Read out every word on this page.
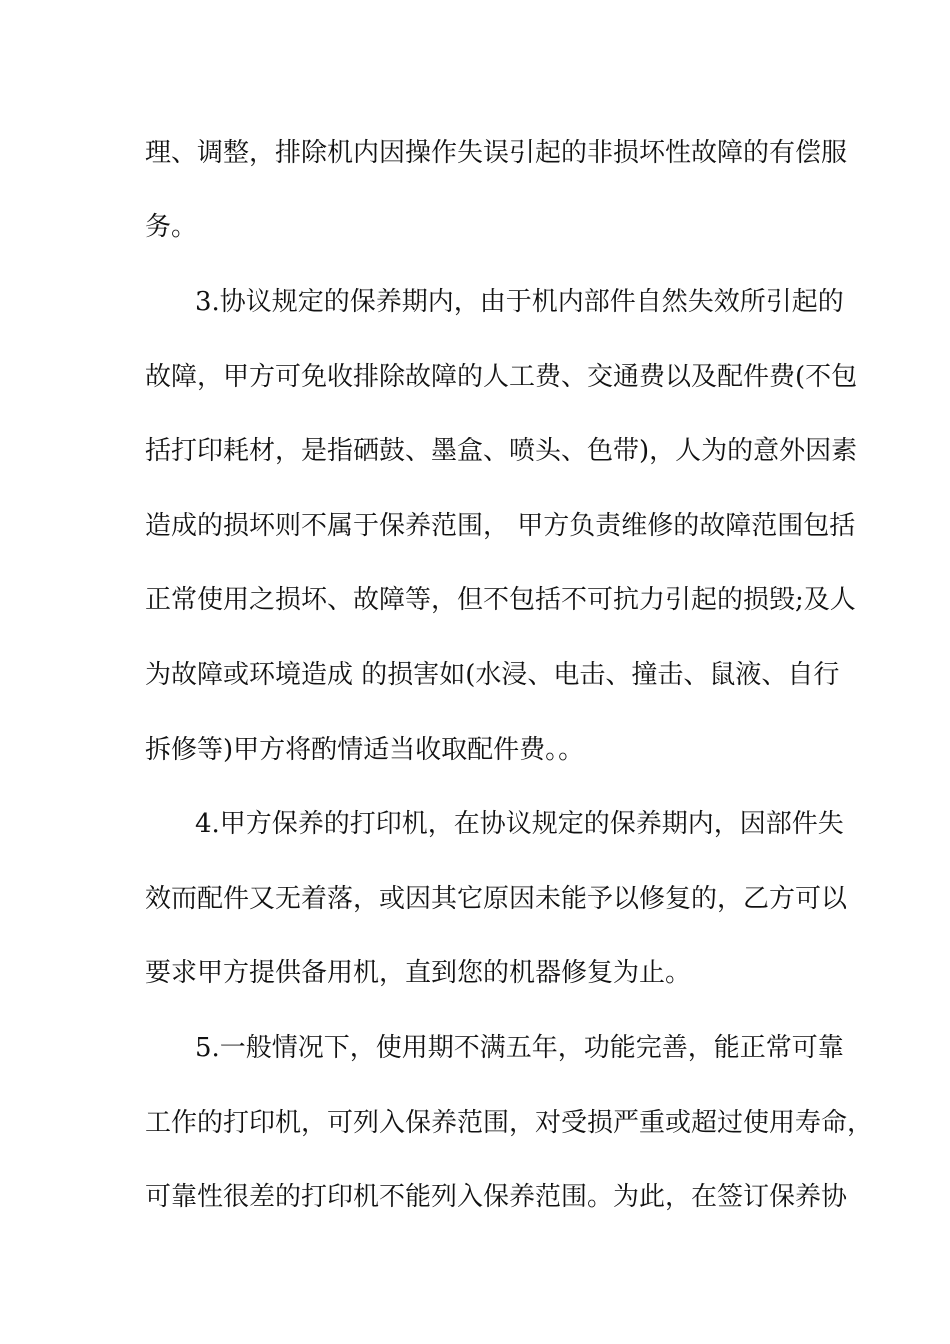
理、调整，排除机内因操作失误引起的非损坏性故障的有偿服

务。

3.协议规定的保养期内，由于机内部件自然失效所引起的

故障，甲方可免收排除故障的人工费、交通费以及配件费(不包

括打印耗材，是指硒鼓、墨盒、喷头、色带)，人为的意外因素

造成的损坏则不属于保养范围， 甲方负责维修的故障范围包括

正常使用之损坏、故障等，但不包括不可抗力引起的损毁;及人

为故障或环境造成 的损害如(水浸、电击、撞击、鼠液、自行

拆修等)甲方将酌情适当收取配件费。。

4.甲方保养的打印机，在协议规定的保养期内，因部件失

效而配件又无着落，或因其它原因未能予以修复的，乙方可以

要求甲方提供备用机，直到您的机器修复为止。

5.一般情况下，使用期不满五年，功能完善，能正常可靠

工作的打印机，可列入保养范围，对受损严重或超过使用寿命，

可靠性很差的打印机不能列入保养范围。为此，在签订保养协
